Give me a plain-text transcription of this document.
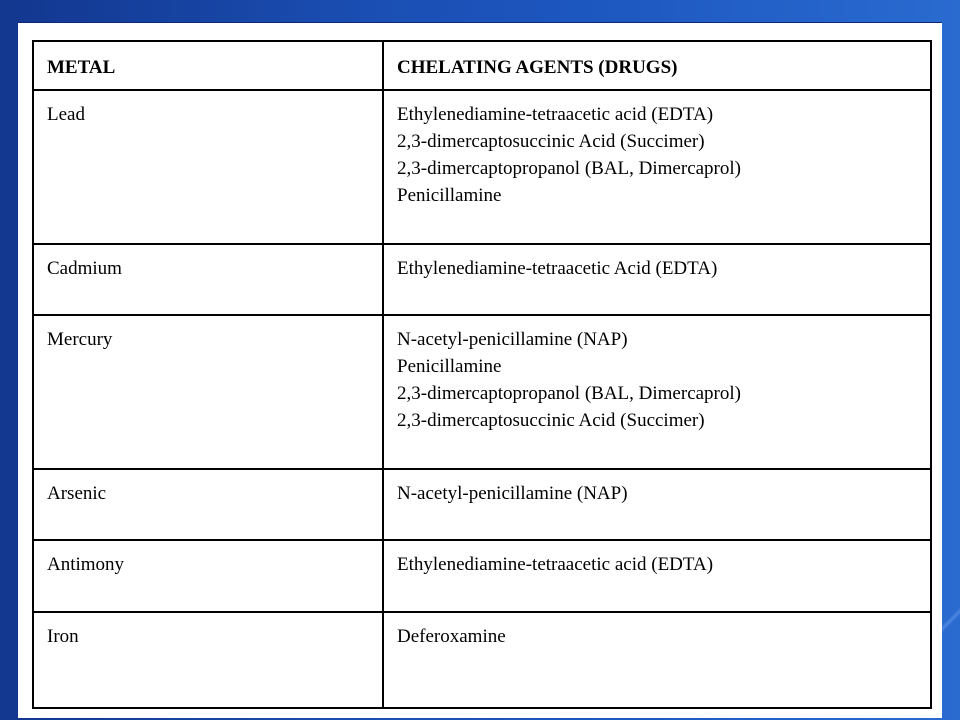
METAL	CHELATING AGENTS (DRUGS)
Lead	Ethylenediamine-tetraacetic acid (EDTA)
2,3-dimercaptosuccinic Acid (Succimer)
2,3-dimercaptopropanol (BAL, Dimercaprol)
Penicillamine

Cadmium	Ethylenediamine-tetraacetic Acid (EDTA)

Mercury	N-acetyl-penicillamine (NAP)
Penicillamine
2,3-dimercaptopropanol (BAL, Dimercaprol)
2,3-dimercaptosuccinic Acid (Succimer)

Arsenic	N-acetyl-penicillamine (NAP)

Antimony	Ethylenediamine-tetraacetic acid (EDTA)

Iron	Deferoxamine
